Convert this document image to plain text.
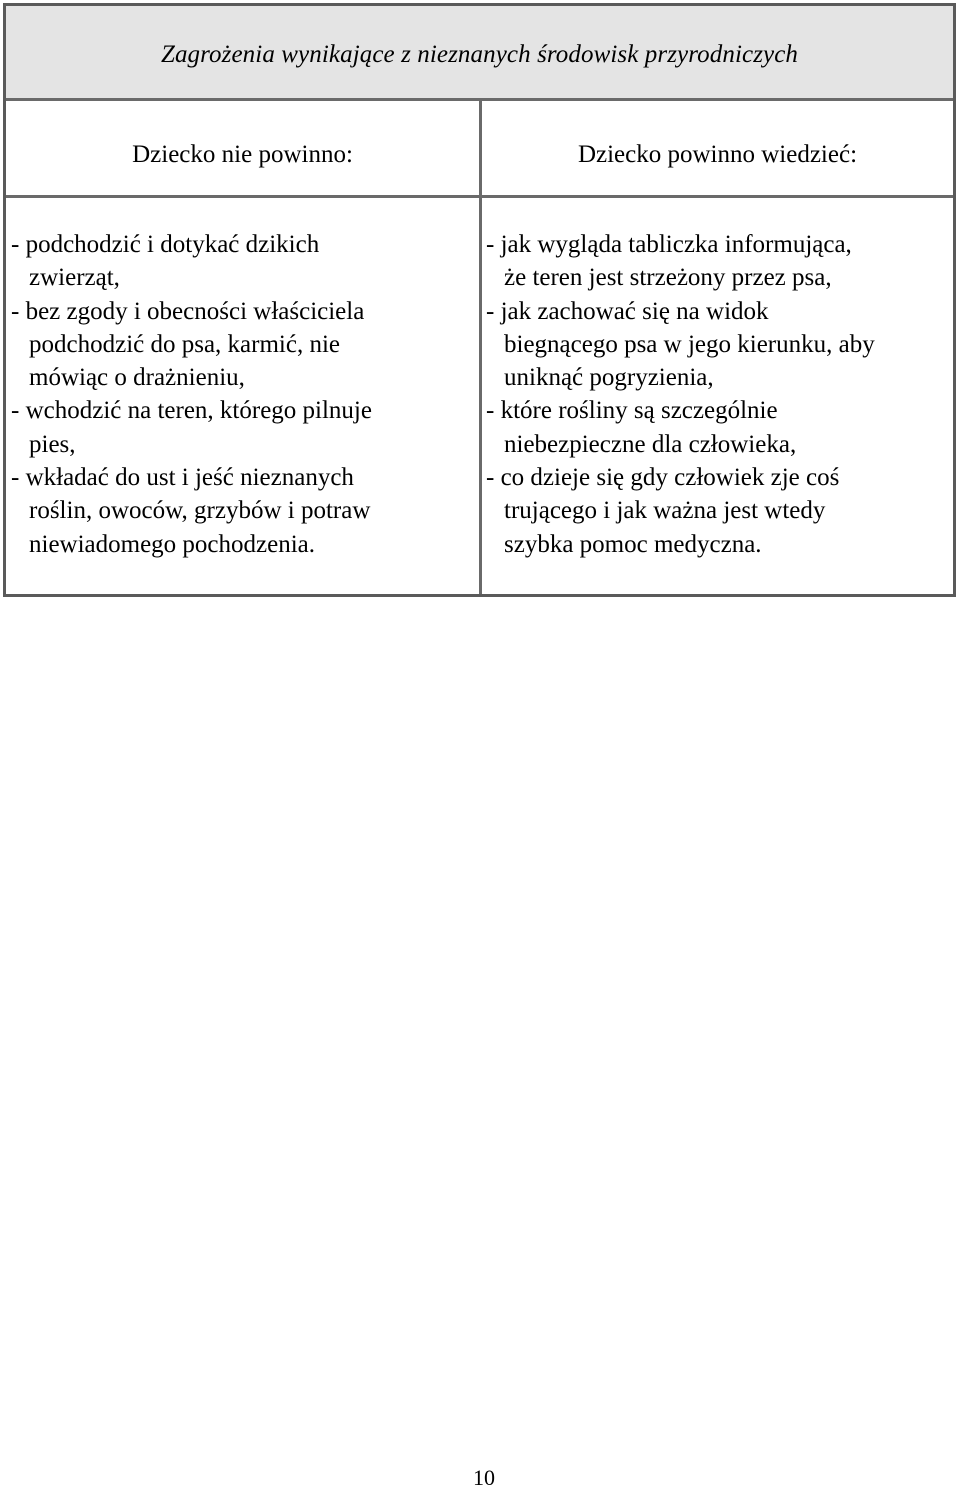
Zagrożenia wynikające z nieznanych środowisk przyrodniczych
Dziecko nie powinno:	Dziecko powinno wiedzieć:
- podchodzić i dotykać dzikich
zwierząt,
- bez zgody i obecności właściciela
podchodzić do psa, karmić, nie
mówiąc o drażnieniu,
- wchodzić na teren, którego pilnuje
pies,
- wkładać do ust i jeść nieznanych
roślin, owoców, grzybów i potraw
niewiadomego pochodzenia.
- jak wygląda tabliczka informująca,
że teren jest strzeżony przez psa,
- jak zachować się na widok
biegnącego psa w jego kierunku, aby
uniknąć pogryzienia,
- które rośliny są szczególnie
niebezpieczne dla człowieka,
- co dzieje się gdy człowiek zje coś
trującego i jak ważna jest wtedy
szybka pomoc medyczna.
10
